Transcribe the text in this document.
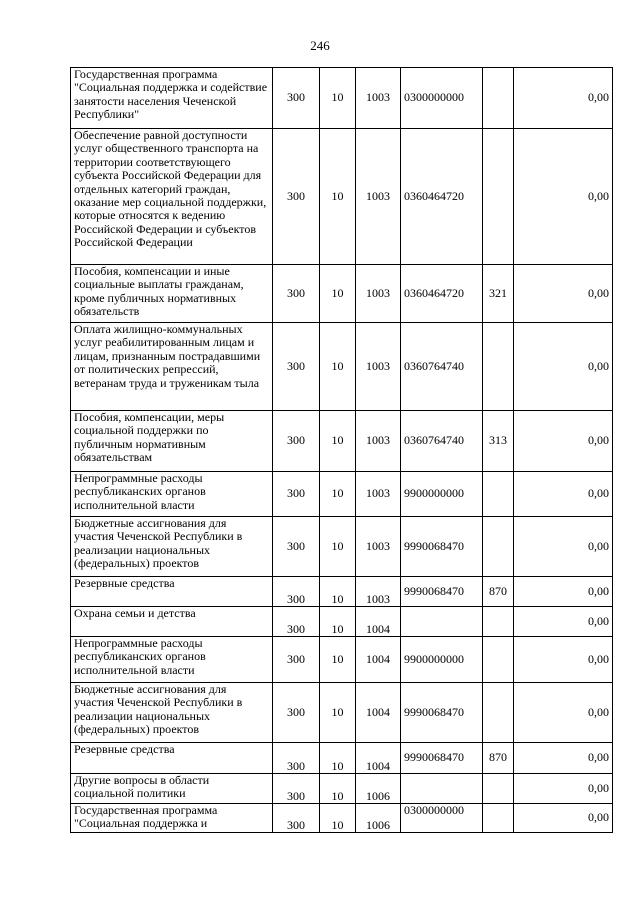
246
Государственная программа "Социальная поддержка и содействие занятости населения Чеченской Республики"	300	10	1003	0300000000		0,00
Обеспечение равной доступности услуг общественного транспорта на территории соответствующего субъекта Российской Федерации для отдельных категорий граждан, оказание мер социальной поддержки, которые относятся к ведению Российской Федерации и субъектов Российской Федерации	300	10	1003	0360464720		0,00
Пособия, компенсации и иные социальные выплаты гражданам, кроме публичных нормативных обязательств	300	10	1003	0360464720	321	0,00
Оплата жилищно-коммунальных услуг реабилитированным лицам и лицам, признанным пострадавшими от политических репрессий, ветеранам труда и труженикам тыла	300	10	1003	0360764740		0,00
Пособия, компенсации, меры социальной поддержки по публичным нормативным обязательствам	300	10	1003	0360764740	313	0,00
Непрограммные расходы республиканских органов исполнительной власти	300	10	1003	9900000000		0,00
Бюджетные ассигнования для участия Чеченской Республики в реализации национальных (федеральных) проектов	300	10	1003	9990068470		0,00
Резервные средства	300	10	1003	9990068470	870	0,00
Охрана семьи и детства	300	10	1004			0,00
Непрограммные расходы республиканских органов исполнительной власти	300	10	1004	9900000000		0,00
Бюджетные ассигнования для участия Чеченской Республики в реализации национальных (федеральных) проектов	300	10	1004	9990068470		0,00
Резервные средства	300	10	1004	9990068470	870	0,00
Другие вопросы в области социальной политики	300	10	1006			0,00
Государственная программа "Социальная поддержка и	300	10	1006	0300000000		0,00
